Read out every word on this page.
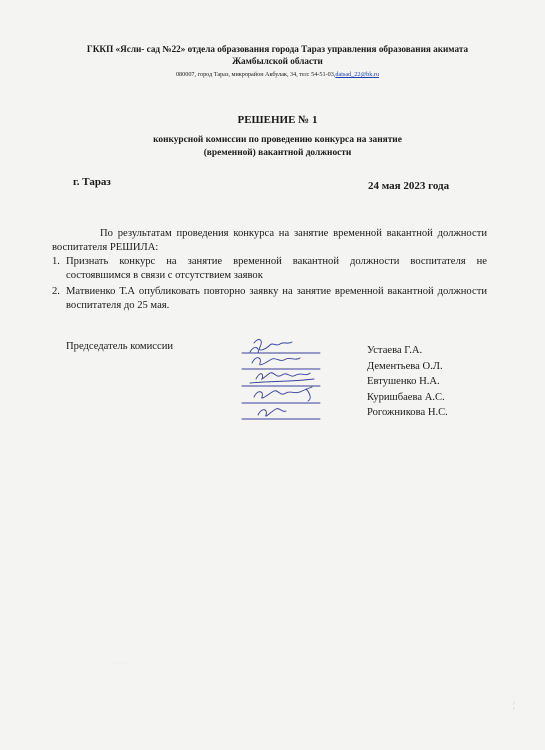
ГККП «Ясли- сад №22» отдела образования города Тараз управления образования акимата
Жамбылской области
080007, город Тараз, микрорайон Акбулак, 34, тел: 54-51-03,datsad_22@bk.ru
РЕШЕНИЕ № 1
конкурсной комиссии по проведению конкурса на занятие
(временной) вакантной должности
г. Тараз	24 мая 2023 года
По результатам проведения конкурса на занятие временной вакантной должности воспитателя РЕШИЛА:
1. Признать конкурс на занятие временной вакантной должности воспитателя не состоявшимся в связи с отсутствием заявок
2. Матвиенко Т.А опубликовать повторно заявку на занятие временной вакантной должности воспитателя до 25 мая.
Председатель комиссии	Устаева Г.А.
Дементьева О.Л.
Евтушенко Н.А.
Куришбаева А.С.
Рогожникова Н.С.
· · · ·
¦
